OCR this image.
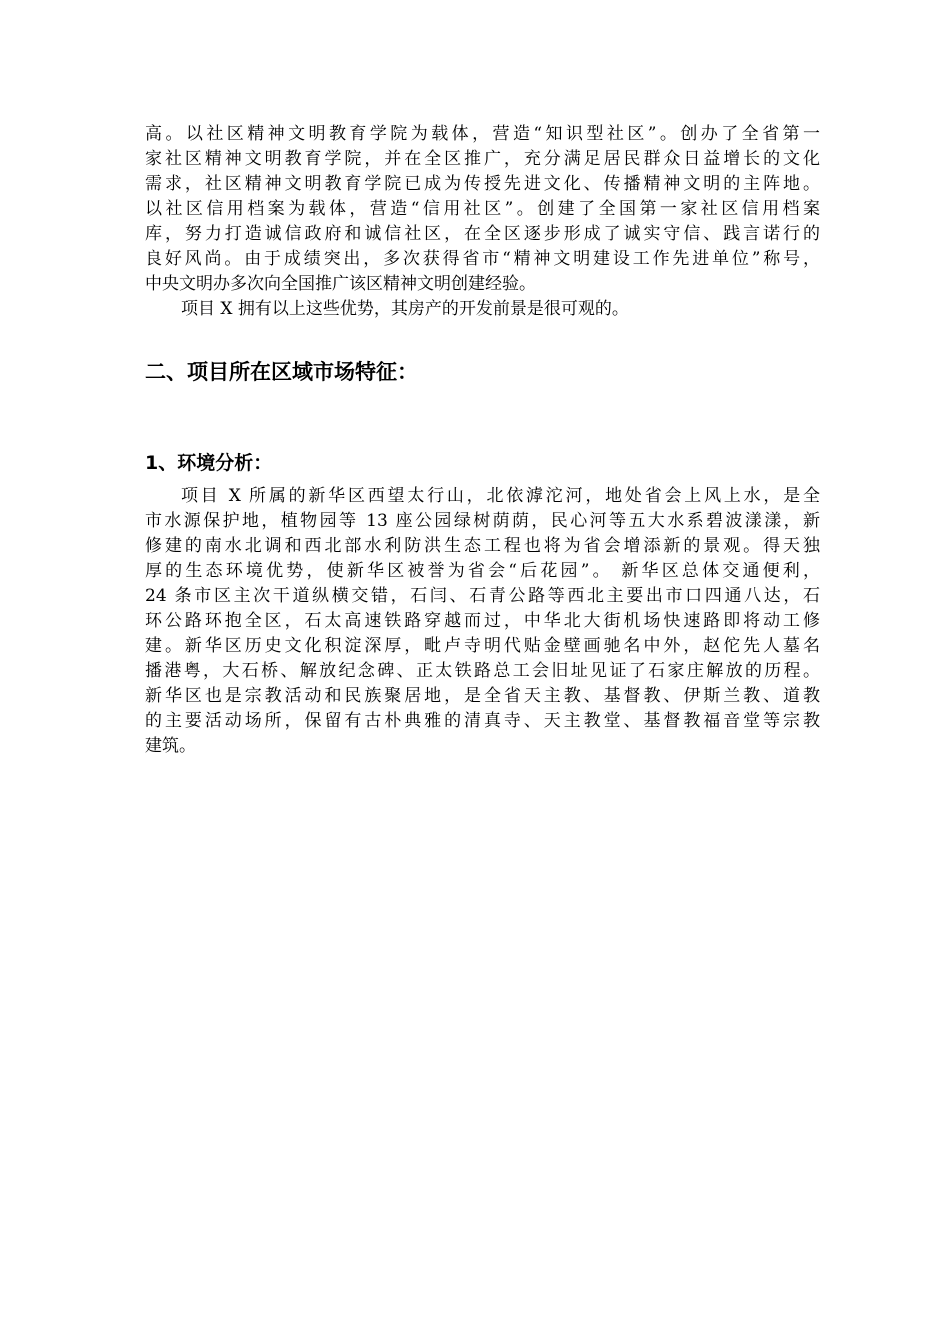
高。以社区精神文明教育学院为载体，营造“知识型社区”。创办了全省第一
家社区精神文明教育学院，并在全区推广，充分满足居民群众日益增长的文化
需求，社区精神文明教育学院已成为传授先进文化、传播精神文明的主阵地。
以社区信用档案为载体，营造“信用社区”。创建了全国第一家社区信用档案
库，努力打造诚信政府和诚信社区，在全区逐步形成了诚实守信、践言诺行的
良好风尚。由于成绩突出，多次获得省市“精神文明建设工作先进单位”称号，
中央文明办多次向全国推广该区精神文明创建经验。
项目 X 拥有以上这些优势，其房产的开发前景是很可观的。
二、项目所在区域市场特征：
1、环境分析：
项目 X 所属的新华区西望太行山，北依滹沱河，地处省会上风上水，是全
市水源保护地，植物园等 13 座公园绿树荫荫，民心河等五大水系碧波漾漾，新
修建的南水北调和西北部水利防洪生态工程也将为省会增添新的景观。得天独
厚的生态环境优势，使新华区被誉为省会“后花园”。 新华区总体交通便利，
24 条市区主次干道纵横交错，石闫、石青公路等西北主要出市口四通八达，石
环公路环抱全区，石太高速铁路穿越而过，中华北大街机场快速路即将动工修
建。新华区历史文化积淀深厚，毗卢寺明代贴金壁画驰名中外，赵佗先人墓名
播港粤，大石桥、解放纪念碑、正太铁路总工会旧址见证了石家庄解放的历程。
新华区也是宗教活动和民族聚居地，是全省天主教、基督教、伊斯兰教、道教
的主要活动场所，保留有古朴典雅的清真寺、天主教堂、基督教福音堂等宗教
建筑。
